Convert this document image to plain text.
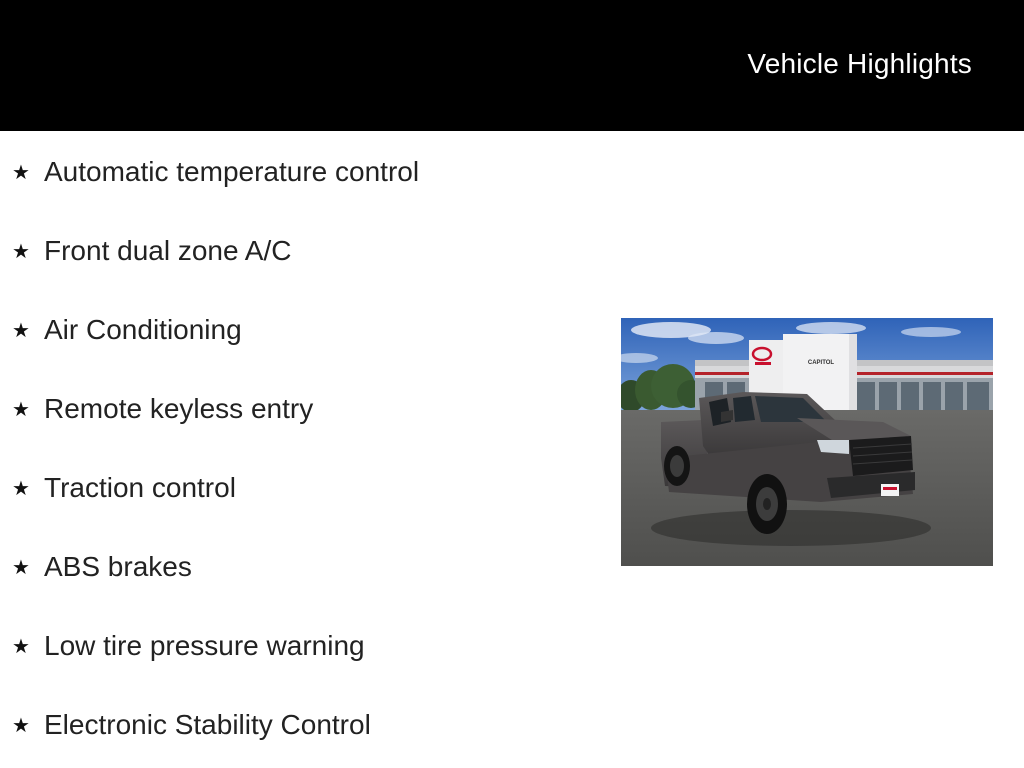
Vehicle Highlights
★ Automatic temperature control
★ Front dual zone A/C
★ Air Conditioning
★ Remote keyless entry
★ Traction control
★ ABS brakes
★ Low tire pressure warning
★ Electronic Stability Control
CAPITOL
